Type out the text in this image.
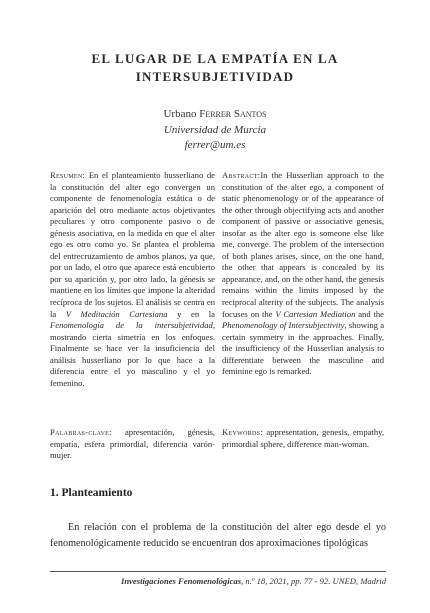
EL LUGAR DE LA EMPATÍA EN LA
INTERSUBJETIVIDAD
Urbano Ferrer Santos
Universidad de Murcia
ferrer@um.es
Resumen: En el planteamiento husserliano de la constitución del alter ego convergen un componente de fenomenología estática o de aparición del otro mediante actos objetivantes peculiares y otro componente pasivo o de génesis asociativa, en la medida en que el alter ego es otro como yo. Se plantea el problema del entrecruzamiento de ambos planos, ya que, por un lado, el otro que aparece está encubierto por su aparición y, por otro lado, la génesis se mantiene en los límites que impone la alteridad recíproca de los sujetos. El análisis se centra en la V Meditación Cartesiana y en la Fenomenología de la intersubjetividad, mostrando cierta simetría en los enfoques. Finalmente se hace ver la insuficiencia del análisis husserliano por lo que hace a la diferencia entre el yo masculino y el yo femenino.
Abstract:In the Husserlian approach to the constitution of the alter ego, a component of static phenomenology or of the appearance of the other through objectifying acts and another component of passive or associative genesis, insofar as the alter ego is someone else like me, converge. The problem of the intersection of both planes arises, since, on the one hand, the other that appears is concealed by its appearance, and, on the other hand, the genesis remains within the limits imposed by the reciprocal alterity of the subjects. The analysis focuses on the V Cartesian Mediation and the Phenomenology of Intersubjectivity, showing a certain symmetry in the approaches. Finally, the insufficiency of the Husserlian analysis to differentiate between the masculine and feminine ego is remarked.
Palabras-clave: apresentación, génesis, empatía, esfera primordial, diferencia varón-mujer.
Keywords: appresentation, genesis, empathy, primordial sphere, difference man-woman.
1. Planteamiento
En relación con el problema de la constitución del alter ego desde el yo fenomenológicamente reducido se encuentran dos aproximaciones tipológicas
Investigaciones Fenomenológicas, n.º 18, 2021, pp. 77 - 92. UNED, Madrid
